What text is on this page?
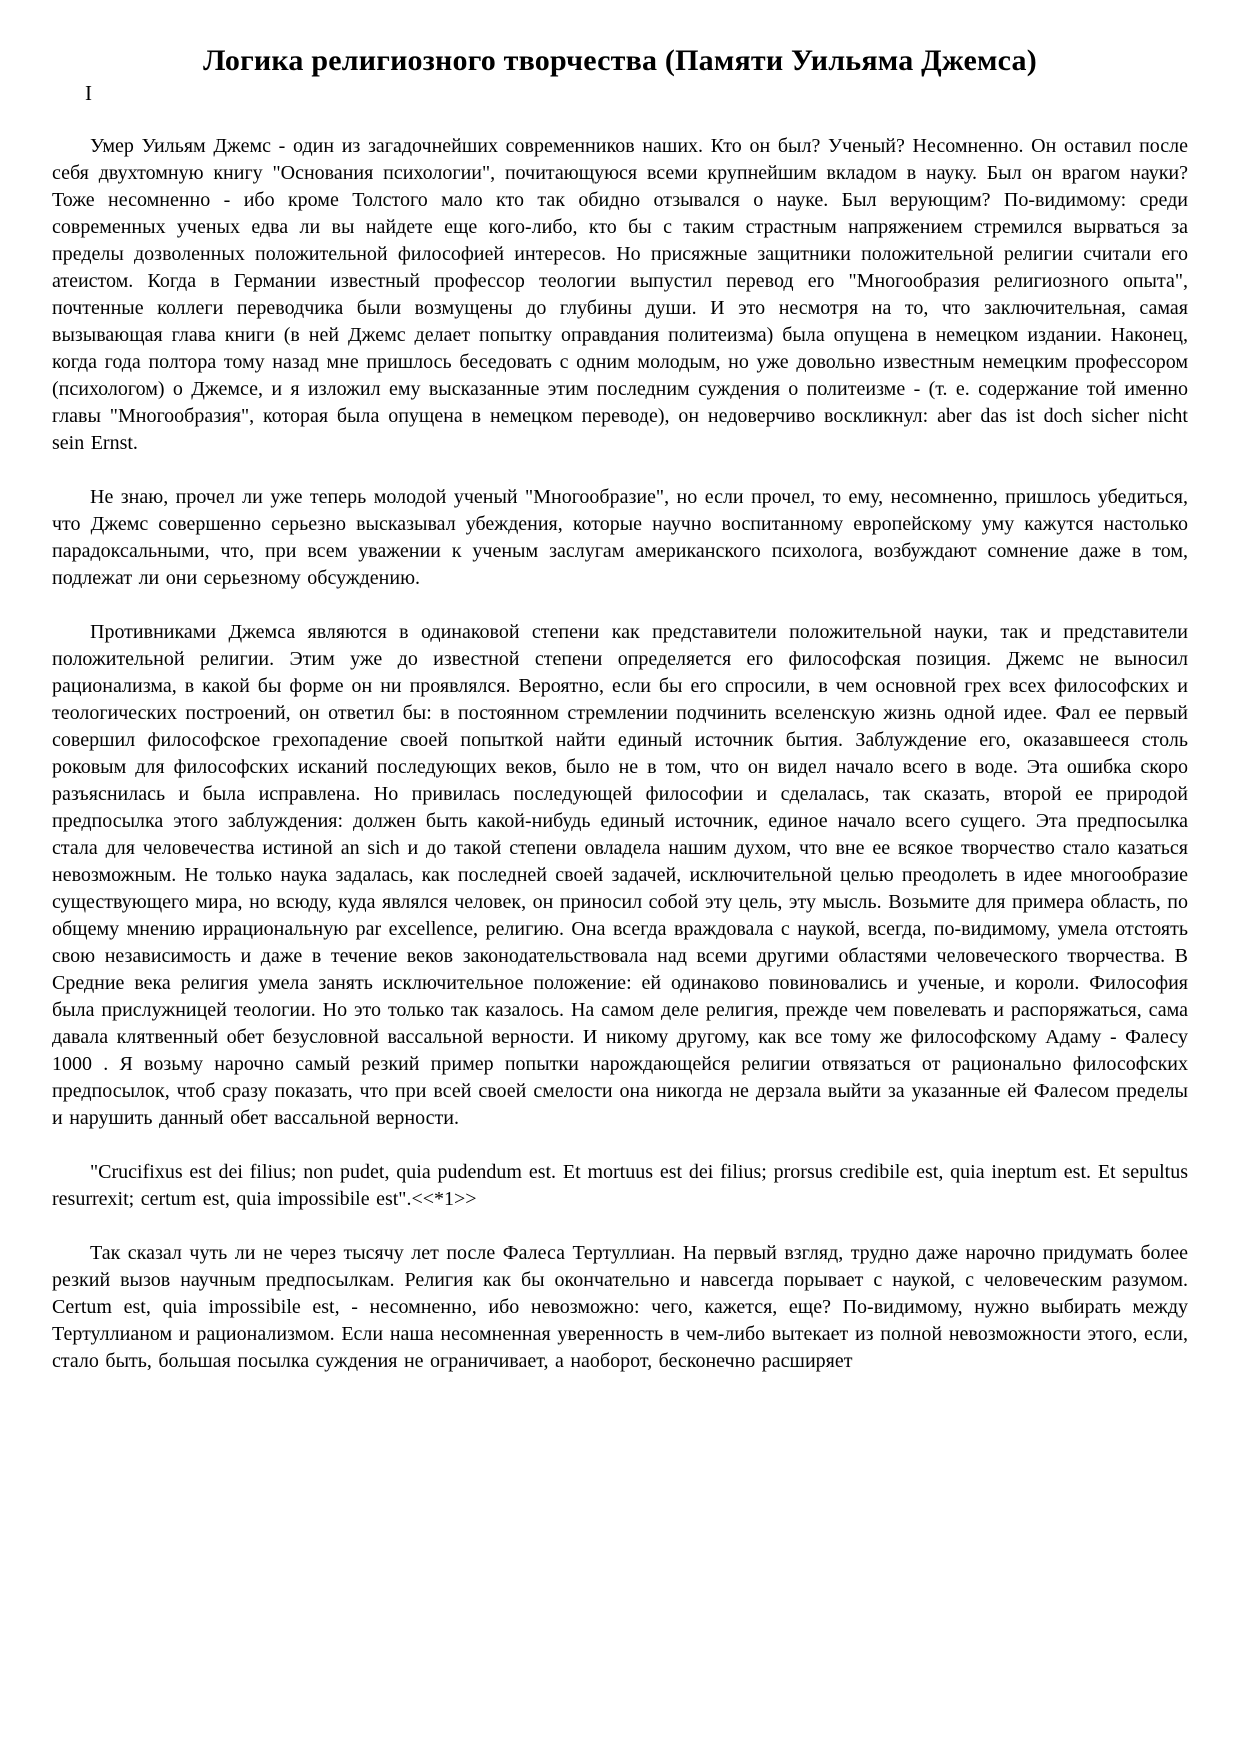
Логика религиозного творчества (Памяти Уильяма Джемса)
I

Умер Уильям Джемс - один из загадочнейших современников наших. Кто он был? Ученый? Несомненно. Он оставил после себя двухтомную книгу "Основания психологии", почитающуюся всеми крупнейшим вкладом в науку. Был он врагом науки? Тоже несомненно - ибо кроме Толстого мало кто так обидно отзывался о науке. Был верующим? По-видимому: среди современных ученых едва ли вы найдете еще кого-либо, кто бы с таким страстным напряжением стремился вырваться за пределы дозволенных положительной философией интересов. Но присяжные защитники положительной религии считали его атеистом. Когда в Германии известный профессор теологии выпустил перевод его "Многообразия религиозного опыта", почтенные коллеги переводчика были возмущены до глубины души. И это несмотря на то, что заключительная, самая вызывающая глава книги (в ней Джемс делает попытку оправдания политеизма) была опущена в немецком издании. Наконец, когда года полтора тому назад мне пришлось беседовать с одним молодым, но уже довольно известным немецким профессором (психологом) о Джемсе, и я изложил ему высказанные этим последним суждения о политеизме - (т. е. содержание той именно главы "Многообразия", которая была опущена в немецком переводе), он недоверчиво воскликнул: aber das ist doch sicher nicht sein Ernst.

Не знаю, прочел ли уже теперь молодой ученый "Многообразие", но если прочел, то ему, несомненно, пришлось убедиться, что Джемс совершенно серьезно высказывал убеждения, которые научно воспитанному европейскому уму кажутся настолько парадоксальными, что, при всем уважении к ученым заслугам американского психолога, возбуждают сомнение даже в том, подлежат ли они серьезному обсуждению.

Противниками Джемса являются в одинаковой степени как представители положительной науки, так и представители положительной религии. Этим уже до известной степени определяется его философская позиция. Джемс не выносил рационализма, в какой бы форме он ни проявлялся. Вероятно, если бы его спросили, в чем основной грех всех философских и теологических построений, он ответил бы: в постоянном стремлении подчинить вселенскую жизнь одной идее. Фал ее первый совершил философское грехопадение своей попыткой найти единый источник бытия. Заблуждение его, оказавшееся столь роковым для философских исканий последующих веков, было не в том, что он видел начало всего в воде. Эта ошибка скоро разъяснилась и была исправлена. Но привилась последующей философии и сделалась, так сказать, второй ее природой предпосылка этого заблуждения: должен быть какой-нибудь единый источник, единое начало всего сущего. Эта предпосылка стала для человечества истиной an sich и до такой степени овладела нашим духом, что вне ее всякое творчество стало казаться невозможным. Не только наука задалась, как последней своей задачей, исключительной целью преодолеть в идее многообразие существующего мира, но всюду, куда являлся человек, он приносил собой эту цель, эту мысль. Возьмите для примера область, по общему мнению иррациональную par excellence, религию. Она всегда враждовала с наукой, всегда, по-видимому, умела отстоять свою независимость и даже в течение веков законодательствовала над всеми другими областями человеческого творчества. В Средние века религия умела занять исключительное положение: ей одинаково повиновались и ученые, и короли. Философия была прислужницей теологии. Но это только так казалось. На самом деле религия, прежде чем повелевать и распоряжаться, сама давала клятвенный обет безусловной вассальной верности. И никому другому, как все тому же философскому Адаму - Фалесу 1000 . Я возьму нарочно самый резкий пример попытки нарождающейся религии отвязаться от рационально философских предпосылок, чтоб сразу показать, что при всей своей смелости она никогда не дерзала выйти за указанные ей Фалесом пределы и нарушить данный обет вассальной верности.

"Crucifixus est dei filius; non pudet, quia pudendum est. Et mortuus est dei filius; prorsus credibile est, quia ineptum est. Et sepultus resurrexit; certum est, quia impossibile est".<<*1>>

Так сказал чуть ли не через тысячу лет после Фалеса Тертуллиан. На первый взгляд, трудно даже нарочно придумать более резкий вызов научным предпосылкам. Религия как бы окончательно и навсегда порывает с наукой, с человеческим разумом. Certum est, quia impossibile est, - несомненно, ибо невозможно: чего, кажется, еще? По-видимому, нужно выбирать между Тертуллианом и рационализмом. Если наша несомненная уверенность в чем-либо вытекает из полной невозможности этого, если, стало быть, большая посылка суждения не ограничивает, а наоборот, бесконечно расширяет
